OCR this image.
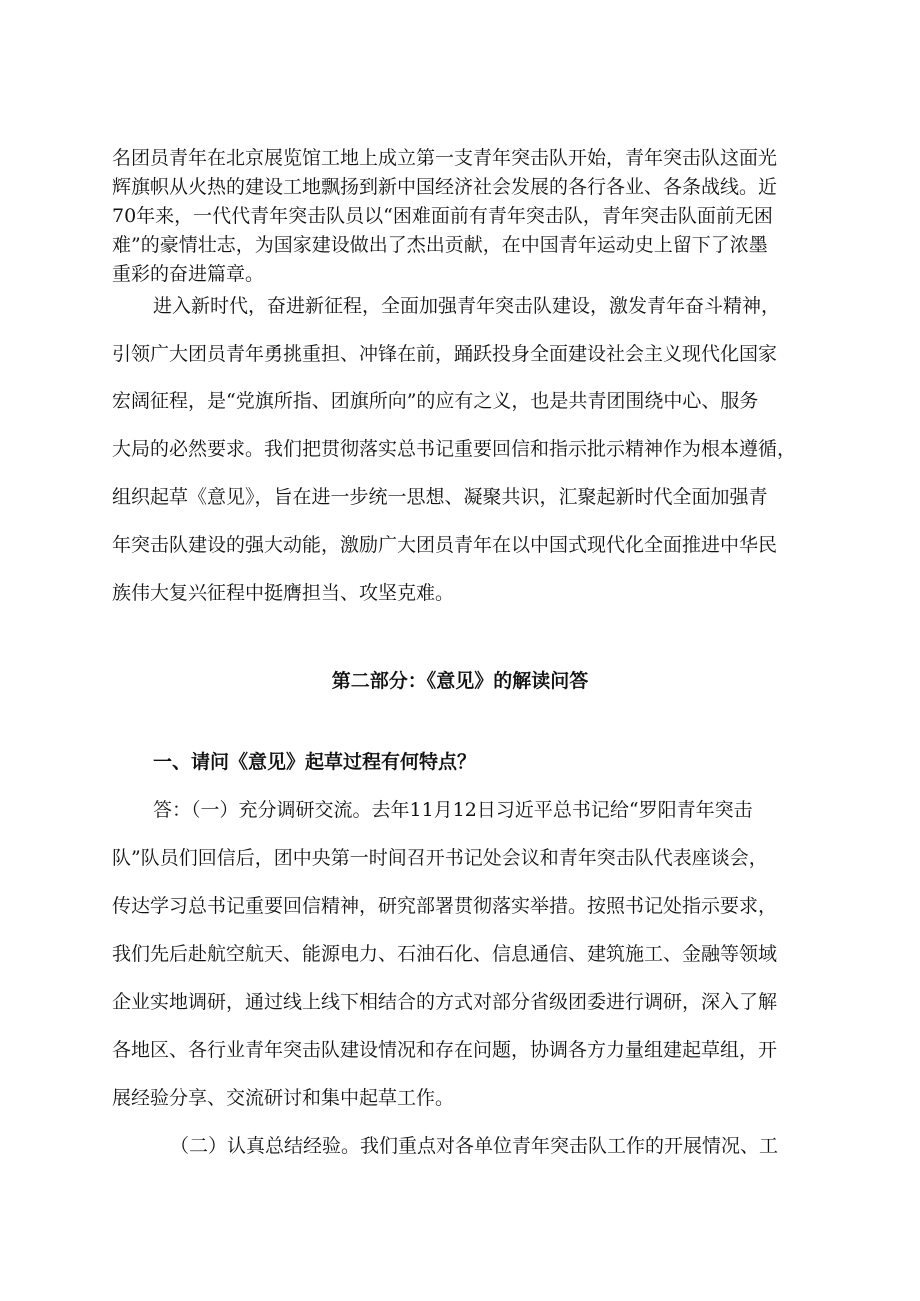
名团员青年在北京展览馆工地上成立第一支青年突击队开始，青年突击队这面光
辉旗帜从火热的建设工地飘扬到新中国经济社会发展的各行各业、各条战线。近
70年来，一代代青年突击队员以“困难面前有青年突击队，青年突击队面前无困
难”的豪情壮志，为国家建设做出了杰出贡献，在中国青年运动史上留下了浓墨
重彩的奋进篇章。
进入新时代，奋进新征程，全面加强青年突击队建设，激发青年奋斗精神，
引领广大团员青年勇挑重担、冲锋在前，踊跃投身全面建设社会主义现代化国家
宏阔征程，是“党旗所指、团旗所向”的应有之义，也是共青团围绕中心、服务
大局的必然要求。我们把贯彻落实总书记重要回信和指示批示精神作为根本遵循，
组织起草《意见》，旨在进一步统一思想、凝聚共识，汇聚起新时代全面加强青
年突击队建设的强大动能，激励广大团员青年在以中国式现代化全面推进中华民
族伟大复兴征程中挺膺担当、攻坚克难。
第二部分：《意见》的解读问答
一、请问《意见》起草过程有何特点？
答：（一）充分调研交流。去年11月12日习近平总书记给“罗阳青年突击
队”队员们回信后，团中央第一时间召开书记处会议和青年突击队代表座谈会，
传达学习总书记重要回信精神，研究部署贯彻落实举措。按照书记处指示要求，
我们先后赴航空航天、能源电力、石油石化、信息通信、建筑施工、金融等领域
企业实地调研，通过线上线下相结合的方式对部分省级团委进行调研，深入了解
各地区、各行业青年突击队建设情况和存在问题，协调各方力量组建起草组，开
展经验分享、交流研讨和集中起草工作。
（二）认真总结经验。我们重点对各单位青年突击队工作的开展情况、工
